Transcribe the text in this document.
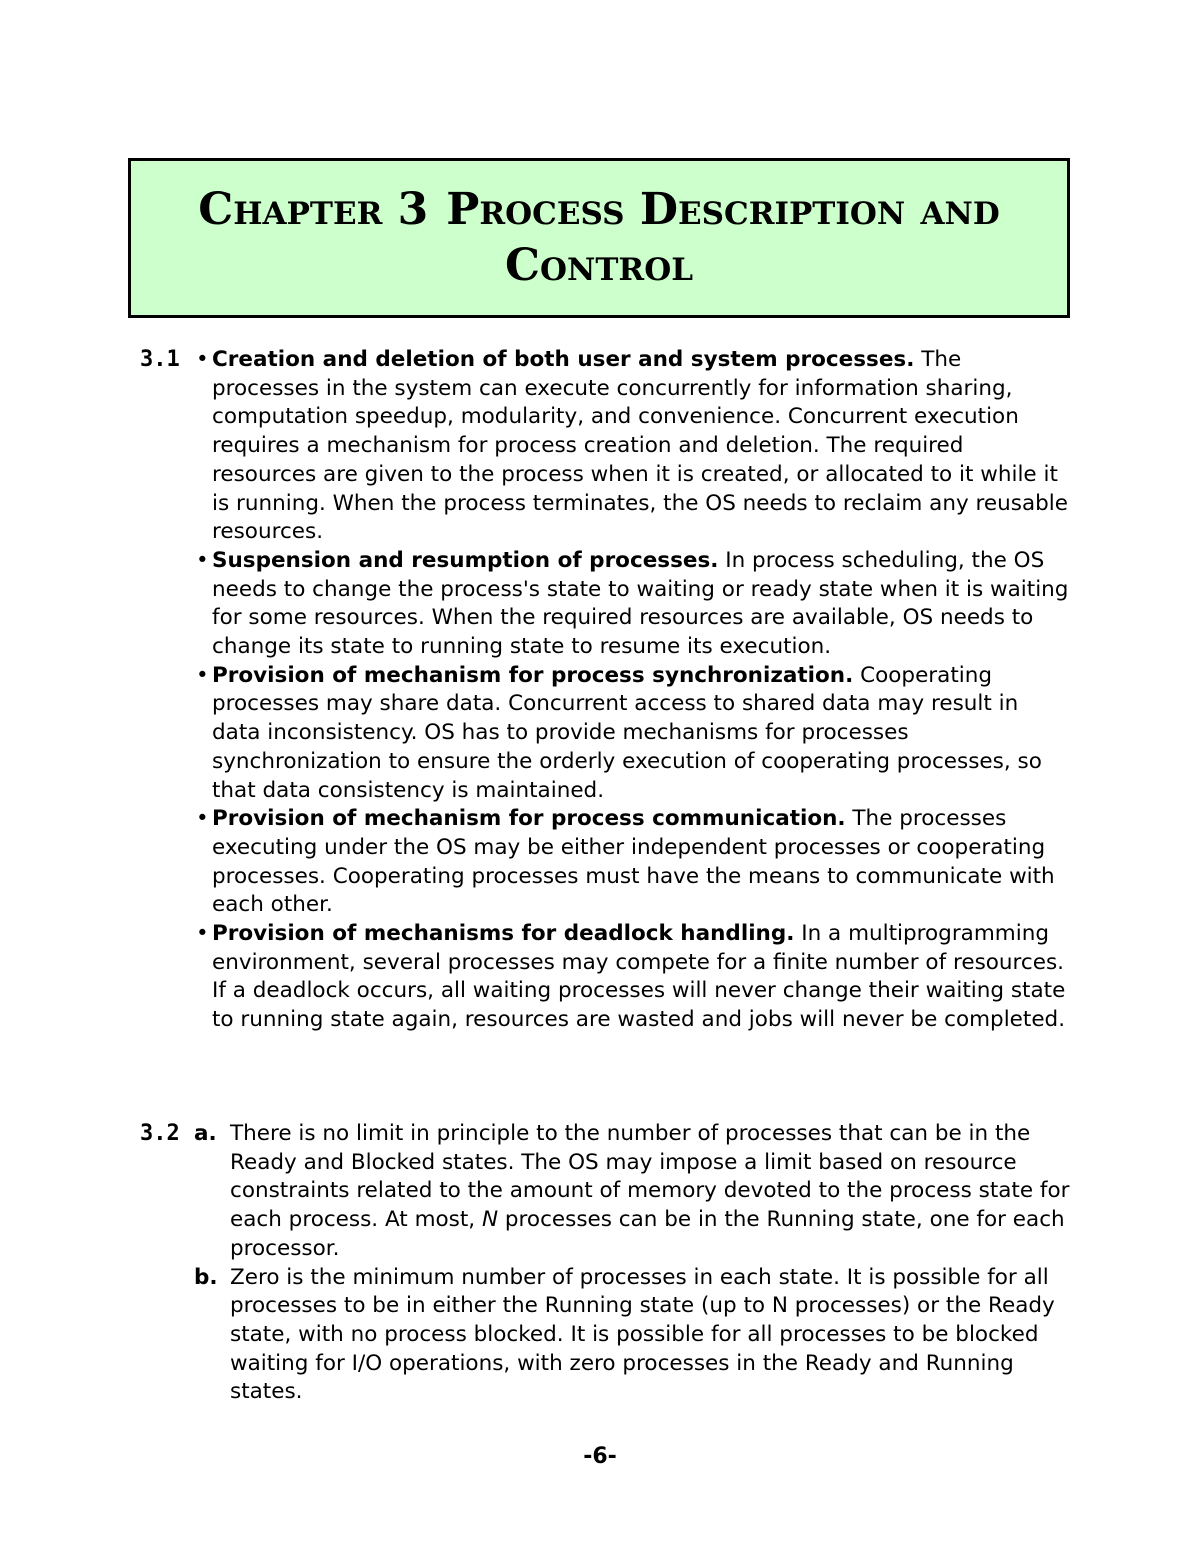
Chapter 3 Process Description and
Control
3.1 • Creation and deletion of both user and system processes. The processes in the system can execute concurrently for information sharing, computation speedup, modularity, and convenience. Concurrent execution requires a mechanism for process creation and deletion. The required resources are given to the process when it is created, or allocated to it while it is running. When the process terminates, the OS needs to reclaim any reusable resources.
• Suspension and resumption of processes. In process scheduling, the OS needs to change the process's state to waiting or ready state when it is waiting for some resources. When the required resources are available, OS needs to change its state to running state to resume its execution.
• Provision of mechanism for process synchronization. Cooperating processes may share data. Concurrent access to shared data may result in data inconsistency. OS has to provide mechanisms for processes synchronization to ensure the orderly execution of cooperating processes, so that data consistency is maintained.
• Provision of mechanism for process communication. The processes executing under the OS may be either independent processes or cooperating processes. Cooperating processes must have the means to communicate with each other.
• Provision of mechanisms for deadlock handling. In a multiprogramming environment, several processes may compete for a finite number of resources. If a deadlock occurs, all waiting processes will never change their waiting state to running state again, resources are wasted and jobs will never be completed.
3.2 a. There is no limit in principle to the number of processes that can be in the Ready and Blocked states. The OS may impose a limit based on resource constraints related to the amount of memory devoted to the process state for each process. At most, N processes can be in the Running state, one for each processor.
b. Zero is the minimum number of processes in each state. It is possible for all processes to be in either the Running state (up to N processes) or the Ready state, with no process blocked. It is possible for all processes to be blocked waiting for I/O operations, with zero processes in the Ready and Running states.
-6-
